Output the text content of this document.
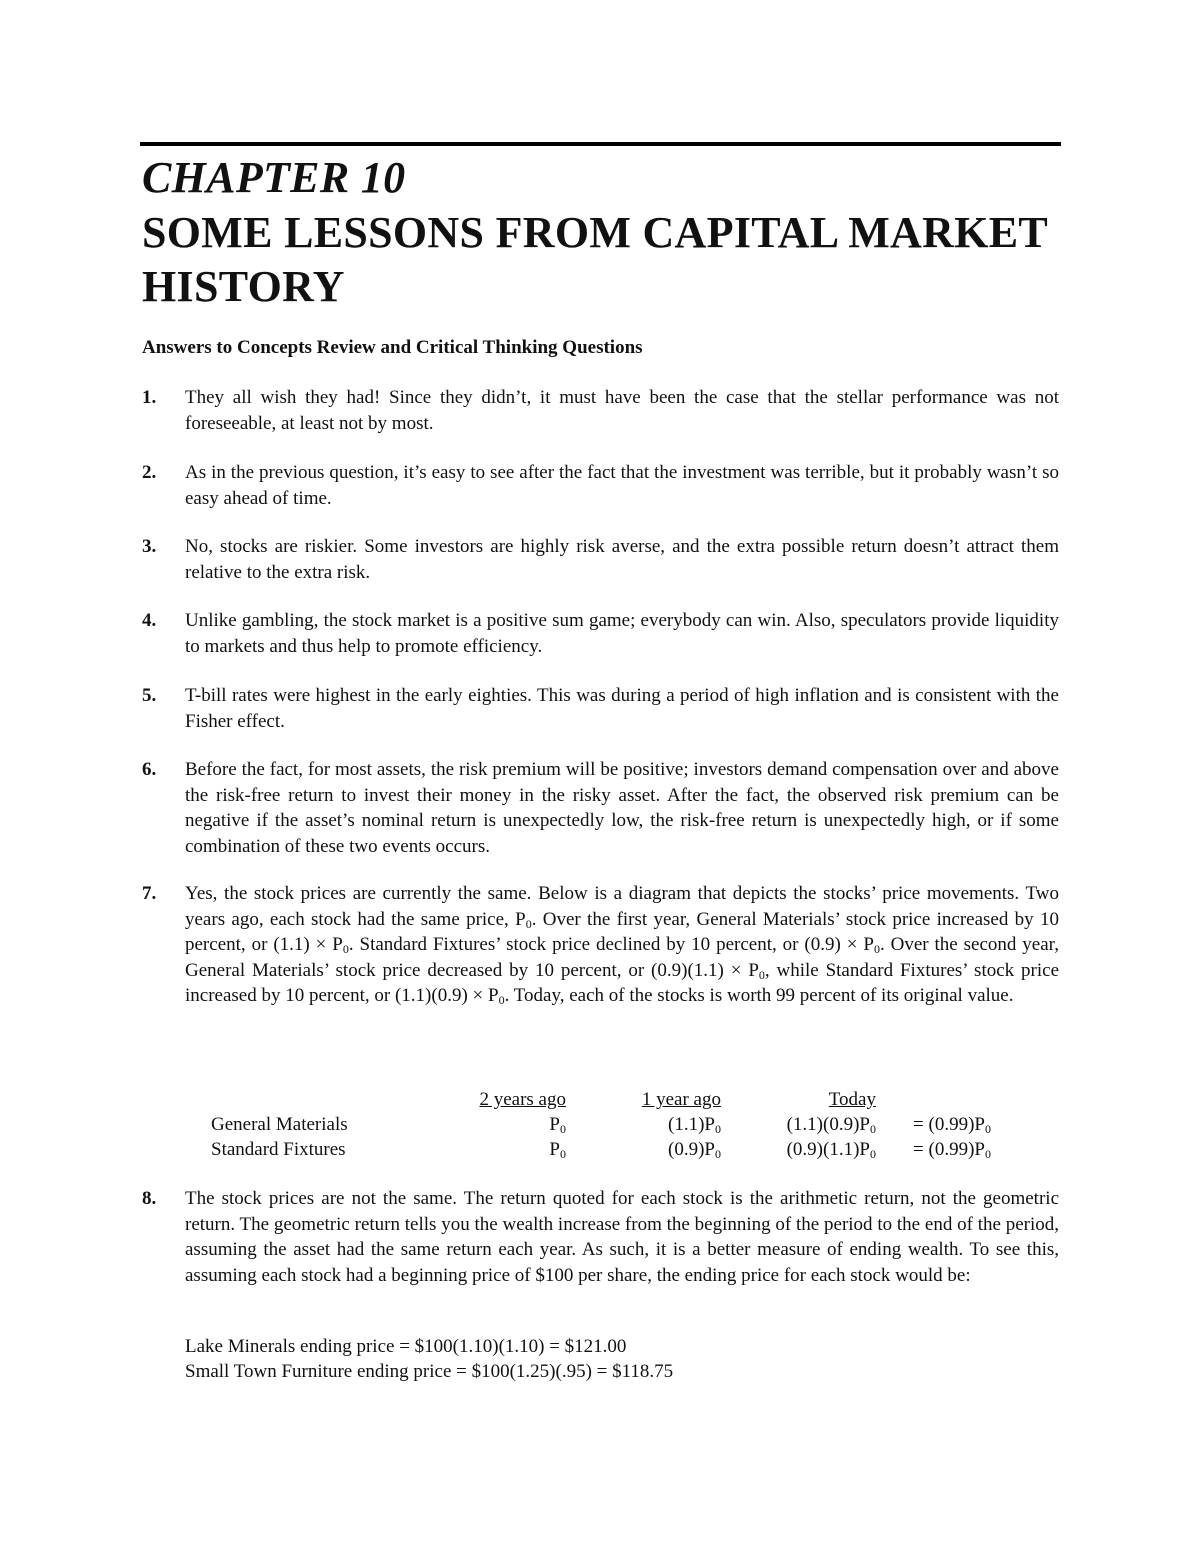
CHAPTER 10
SOME LESSONS FROM CAPITAL MARKET HISTORY
Answers to Concepts Review and Critical Thinking Questions
1. They all wish they had! Since they didn’t, it must have been the case that the stellar performance was not foreseeable, at least not by most.
2. As in the previous question, it’s easy to see after the fact that the investment was terrible, but it probably wasn’t so easy ahead of time.
3. No, stocks are riskier. Some investors are highly risk averse, and the extra possible return doesn’t attract them relative to the extra risk.
4. Unlike gambling, the stock market is a positive sum game; everybody can win. Also, speculators provide liquidity to markets and thus help to promote efficiency.
5. T-bill rates were highest in the early eighties. This was during a period of high inflation and is consistent with the Fisher effect.
6. Before the fact, for most assets, the risk premium will be positive; investors demand compensation over and above the risk-free return to invest their money in the risky asset. After the fact, the observed risk premium can be negative if the asset’s nominal return is unexpectedly low, the risk-free return is unexpectedly high, or if some combination of these two events occurs.
7. Yes, the stock prices are currently the same. Below is a diagram that depicts the stocks’ price movements. Two years ago, each stock had the same price, $P_0$. Over the first year, General Materials’ stock price increased by 10 percent, or $(1.1) \times P_0$. Standard Fixtures’ stock price declined by 10 percent, or $(0.9) \times P_0$. Over the second year, General Materials’ stock price decreased by 10 percent, or $(0.9)(1.1) \times P_0$, while Standard Fixtures’ stock price increased by 10 percent, or $(1.1)(0.9) \times P_0$. Today, each of the stocks is worth 99 percent of its original value.
	2 years ago	1 year ago	Today	
General Materials	$P_0$	$(1.1)P_0$	$(1.1)(0.9)P_0$	= $(0.99)P_0$
Standard Fixtures	$P_0$	$(0.9)P_0$	$(0.9)(1.1)P_0$	= $(0.99)P_0$
8. The stock prices are not the same. The return quoted for each stock is the arithmetic return, not the geometric return. The geometric return tells you the wealth increase from the beginning of the period to the end of the period, assuming the asset had the same return each year. As such, it is a better measure of ending wealth. To see this, assuming each stock had a beginning price of $100 per share, the ending price for each stock would be:
Lake Minerals ending price = $100(1.10)(1.10) = $121.00
Small Town Furniture ending price = $100(1.25)(.95) = $118.75
